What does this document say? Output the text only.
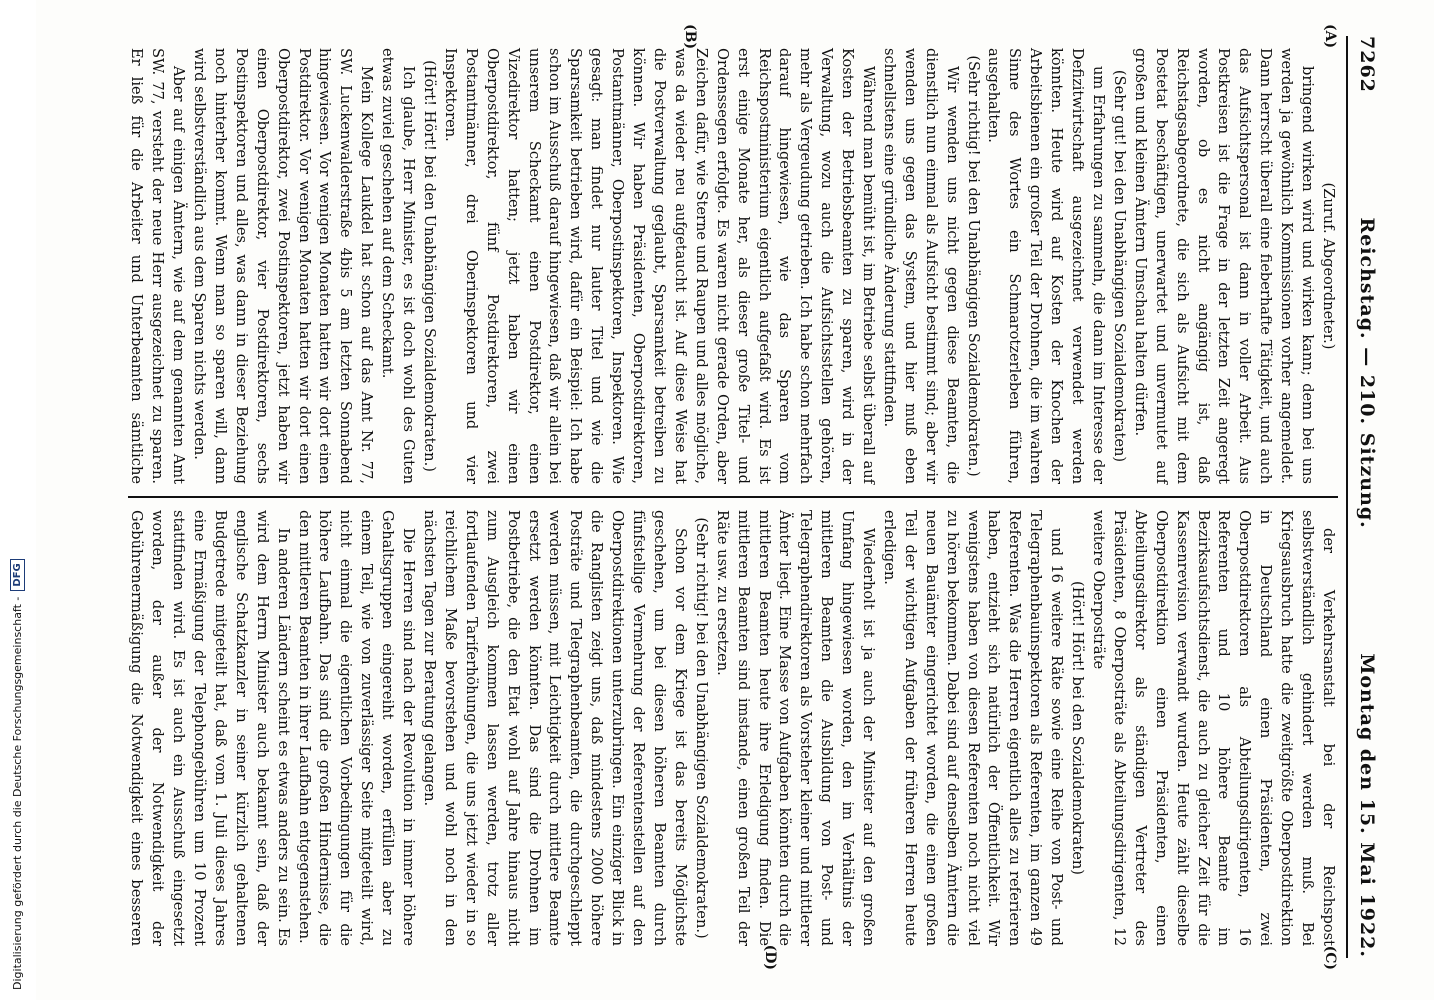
Digitalisierung gefördert durch die Deutsche Forschungsgemeinschaft -
DFG
7262
Reichstag. — 210. Sitzung.
Montag den 15. Mai 1922.
(A)
(B)
(C)
(D)

(Zuruf. Abgeordneter.)

bringend wirken wird und wirken kann; denn bei uns werden ja gewöhnlich Kommissionen vorher angemeldet. Dann herrscht überall eine fieberhafte Tätigkeit, und auch das Aufsichtspersonal ist dann in voller Arbeit. Aus Postkreisen ist die Frage in der letzten Zeit angeregt worden, ob es nicht angängig ist, daß Reichstagsabgeordnete, die sich als Aufsicht mit dem Postetat beschäftigen, unerwartet und unvermutet auf großen und kleinen Ämtern Umschau halten dürfen.

(Sehr gut! bei den Unabhängigen Sozialdemokraten)

um Erfahrungen zu sammeln, die dann im Interesse der Defizitwirtschaft ausgezeichnet verwendet werden könnten. Heute wird auf Kosten der Knochen der Arbeitsbienen ein großer Teil der Drohnen, die im wahren Sinne des Wortes ein Schmarotzerleben führen, ausgehalten.

(Sehr richtig! bei den Unabhängigen Sozialdemokraten.)

Wir wenden uns nicht gegen diese Beamten, die dienstlich nun einmal als Aufsicht bestimmt sind; aber wir wenden uns gegen das System, und hier muß eben schnellstens eine gründliche Änderung stattfinden.

Während man bemüht ist, im Betriebe selbst überall auf Kosten der Betriebsbeamten zu sparen, wird in der Verwaltung, wozu auch die Aufsichtsstellen gehören, mehr als Vergeudung getrieben. Ich habe schon mehrfach darauf hingewiesen, wie das Sparen vom Reichspostministerium eigentlich aufgefaßt wird. Es ist erst einige Monate her, als dieser große Titel- und Ordenssegen erfolgte. Es waren nicht gerade Orden, aber Zeichen dafür, wie Sterne und Raupen und alles mögliche, was da wieder neu aufgetaucht ist. Auf diese Weise hat die Postverwaltung geglaubt, Sparsamkeit betreiben zu können. Wir haben Präsidenten, Oberpostdirektoren, Postamtmänner, Oberpostinspektoren, Inspektoren. Wie gesagt: man findet nur lauter Titel und wie die Sparsamkeit betrieben wird, dafür ein Beispiel: Ich habe schon im Ausschuß darauf hingewiesen, daß wir allein bei unserem Scheckamt einen Postdirektor, einen Vizedirektor hatten; jetzt haben wir einen Oberpostdirektor, fünf Postdirektoren, zwei Postamtmänner, drei Oberinspektoren und vier Inspektoren.

(Hört! Hört! bei den Unabhängigen Sozialdemokraten.)

Ich glaube, Herr Minister, es ist doch wohl des Guten etwas zuviel geschehen auf dem Scheckamt.

Mein Kollege Laukdel hat schon auf das Amt Nr. 77, SW. Luckenwalderstraße 4bis 5 am letzten Sonnabend hingewiesen. Vor wenigen Monaten hatten wir dort einen Postdirektor. Vor wenigen Monaten hatten wir dort einen Oberpostdirektor, zwei Postinspektoren, jetzt haben wir einen Oberpostdirektor, vier Postdirektoren, sechs Postinspektoren und alles, was dann in dieser Beziehung noch hinterher kommt. Wenn man so sparen will, dann wird selbstverständlich aus dem Sparen nichts werden.

Aber auf einigen Ämtern, wie auf dem genannten Amt SW. 77, versteht der neue Herr ausgezeichnet zu sparen. Er ließ für die Arbeiter und Unterbeamten sämtliche

der Verkehrsanstalt bei der Reichspost selbstverständlich gehindert werden muß. Bei Kriegsausbruch hatte die zweitgrößte Oberpostdirektion in Deutschland einen Präsidenten, zwei Oberpostdirektoren als Abteilungsdirigenten, 16 Referenten und 10 höhere Beamte im Bezirksaufsichtsdienst, die auch zu gleicher Zeit für die Kassenrevision verwandt wurden. Heute zählt dieselbe Oberpostdirektion einen Präsidenten, einen Abteilungsdirektor als ständigen Vertreter des Präsidenten, 8 Oberposträte als Abteilungsdirigenten, 12 weitere Oberposträte

(Hört! Hört! bei den Sozialdemokraten)

und 16 weitere Räte sowie eine Reihe von Post- und Telegraphenbauinspektoren als Referenten, im ganzen 49 Referenten. Was die Herren eigentlich alles zu referieren haben, entzieht sich natürlich der Öffentlichkeit. Wir wenigstens haben von diesen Referenten noch nicht viel zu hören bekommen. Dabei sind auf denselben Ämtern die neuen Bauämter eingerichtet worden, die einen großen Teil der wichtigen Aufgaben der früheren Herren heute erledigen.

Wiederholt ist ja auch der Minister auf den großen Umfang hingewiesen worden, den im Verhältnis der mittleren Beamten die Ausbildung von Post- und Telegraphendirektoren als Vorsteher kleiner und mittlerer Ämter liegt. Eine Masse von Aufgaben könnten durch die mittleren Beamten heute ihre Erledigung finden. Die mittleren Beamten sind imstande, einen großen Teil der Räte usw. zu ersetzen.

(Sehr richtig! bei den Unabhängigen Sozialdemokraten.)

Schon vor dem Kriege ist das bereits Möglichste geschehen, um bei diesen höheren Beamten durch fünfstellige Vermehrung der Referentenstellen auf den Oberpostdirektionen unterzubringen. Ein einziger Blick in die Ranglisten zeigt uns, daß mindestens 2000 höhere Posträte und Telegraphenbeamten, die durchgeschleppt werden müssen, mit Leichtigkeit durch mittlere Beamte ersetzt werden könnten. Das sind die Drohnen im Postbetriebe, die den Etat wohl auf Jahre hinaus nicht zum Ausgleich kommen lassen werden, trotz aller fortlaufenden Tariferhöhungen, die uns jetzt wieder in so reichlichem Maße bevorstehen und wohl noch in den nächsten Tagen zur Beratung gelangen.

Die Herren sind nach der Revolution in immer höhere Gehaltsgruppen eingereiht worden, erfüllen aber zu einem Teil, wie von zuverlässiger Seite mitgeteilt wird, nicht einmal die eigentlichen Vorbedingungen für die höhere Laufbahn. Das sind die großen Hindernisse, die den mittleren Beamten in ihrer Laufbahn entgegenstehen.

In anderen Ländern scheint es etwas anders zu sein. Es wird dem Herrn Minister auch bekannt sein, daß der englische Schatzkanzler in seiner kürzlich gehaltenen Budgetrede mitgeteilt hat, daß vom 1. Juli dieses Jahres eine Ermäßigung der Telephongebühren um 10 Prozent stattfinden wird. Es ist auch ein Ausschuß eingesetzt worden, der außer der Notwendigkeit der Gebührenermäßigung die Notwendigkeit eines besseren
